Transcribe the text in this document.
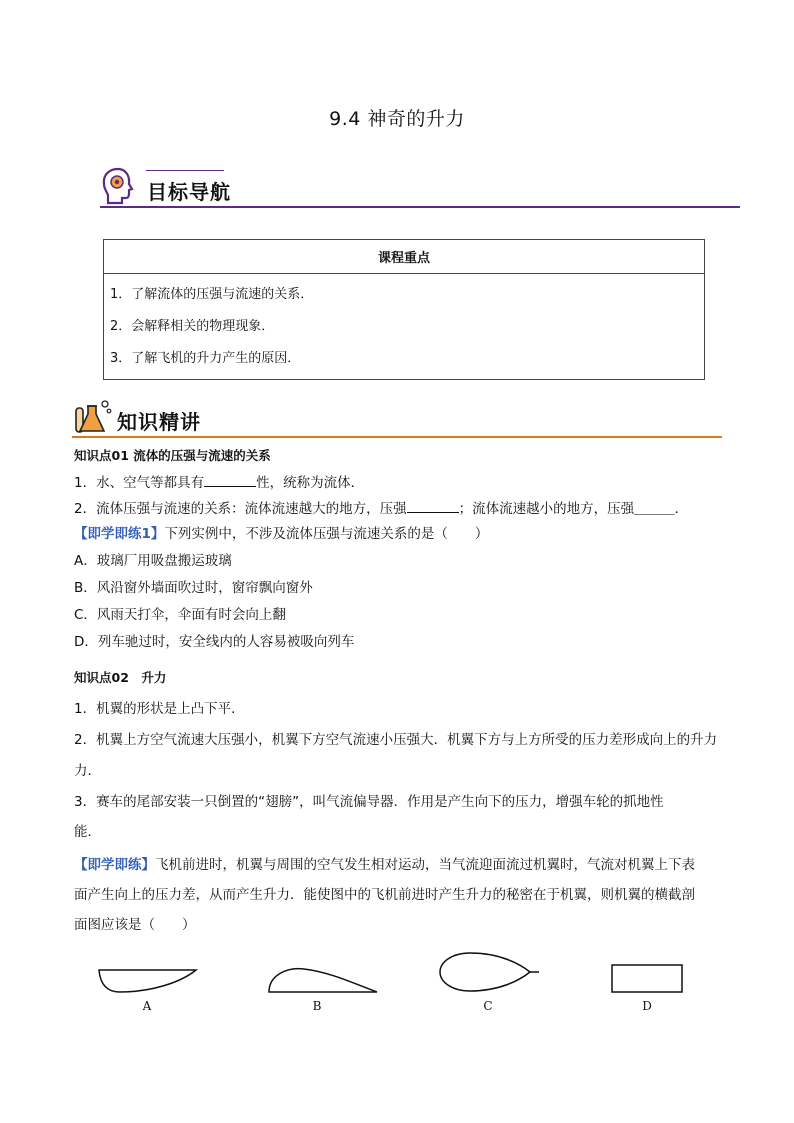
9.4 神奇的升力
目标导航
课程重点

1．了解流体的压强与流速的关系．
2．会解释相关的物理现象．
3．了解飞机的升力产生的原因．
知识精讲
知识点01 流体的压强与流速的关系
1．水、空气等都具有	性，统称为流体．
2．流体压强与流速的关系：流体流速越大的地方，压强	；流体流速越小的地方，压强＿＿＿．
【即学即练1】下列实例中，不涉及流体压强与流速关系的是（　　）
A．玻璃厂用吸盘搬运玻璃
B．风沿窗外墙面吹过时，窗帘飘向窗外
C．风雨天打伞，伞面有时会向上翻
D．列车驰过时，安全线内的人容易被吸向列车
知识点02　升力
1．机翼的形状是上凸下平．
2．机翼上方空气流速大压强小，机翼下方空气流速小压强大．机翼下方与上方所受的压力差形成向上的升力
力．
3．赛车的尾部安装一只倒置的“翅膀”，叫气流偏导器．作用是产生向下的压力，增强车轮的抓地性
能．
【即学即练】飞机前进时，机翼与周围的空气发生相对运动，当气流迎面流过机翼时，气流对机翼上下表
面产生向上的压力差，从而产生升力．能使图中的飞机前进时产生升力的秘密在于机翼，则机翼的横截剖
面图应该是（　　）
A	B	C	D
